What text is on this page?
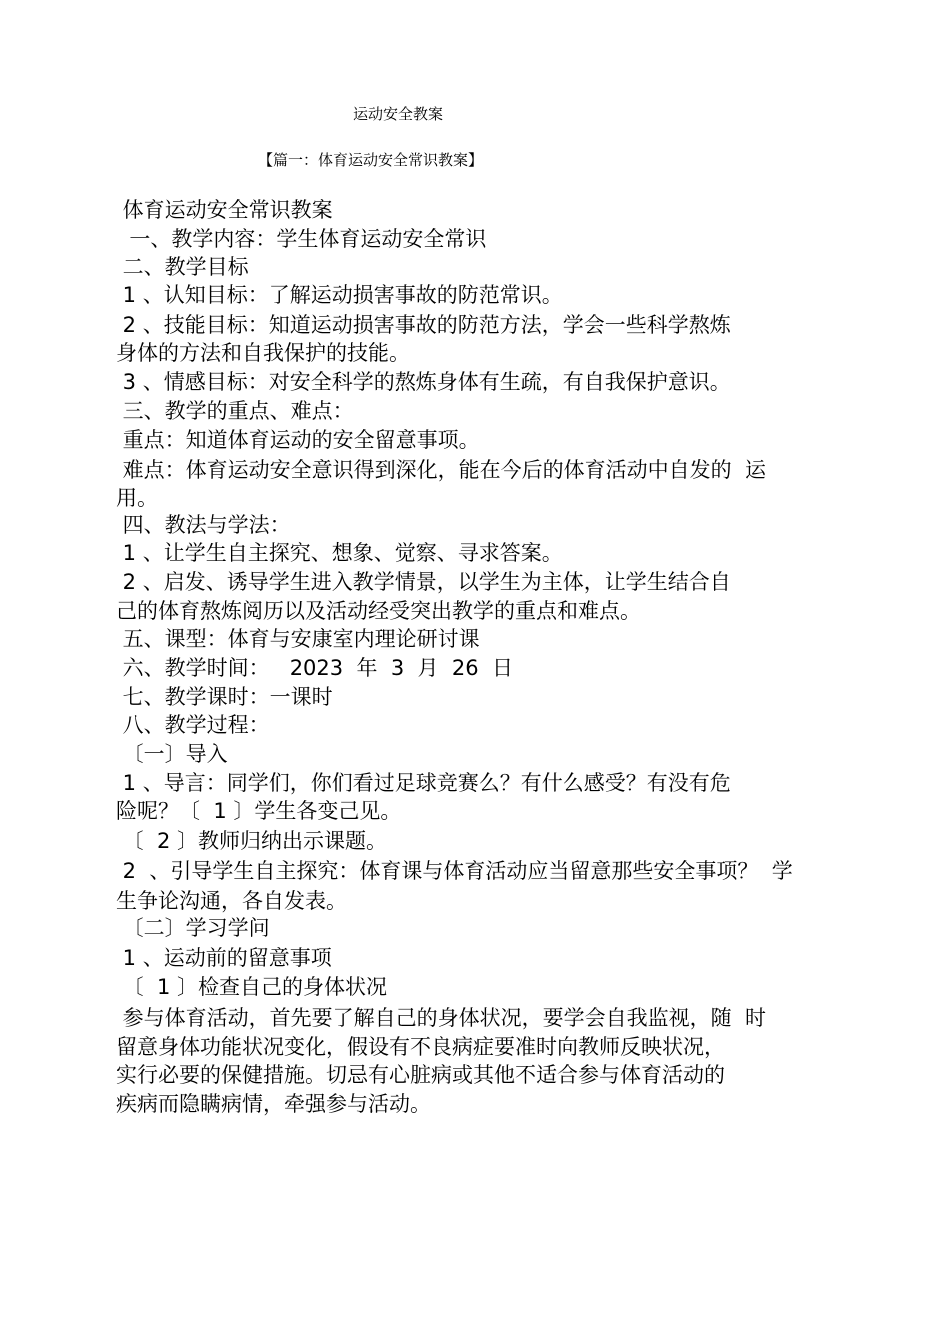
运动安全教案
【篇一：体育运动安全常识教案】
体育运动安全常识教案
一、教学内容：学生体育运动安全常识
二、教学目标
1 、认知目标：了解运动损害事故的防范常识。
2 、技能目标：知道运动损害事故的防范方法，学会一些科学熬炼
身体的方法和自我保护的技能。
3 、情感目标：对安全科学的熬炼身体有生疏，有自我保护意识。
三、教学的重点、难点：
重点：知道体育运动的安全留意事项。
难点：体育运动安全意识得到深化，能在今后的体育活动中自发的  运
用。
四、教法与学法：
1 、让学生自主探究、想象、觉察、寻求答案。
2 、启发、诱导学生进入教学情景，以学生为主体，让学生结合自
己的体育熬炼阅历以及活动经受突出教学的重点和难点。
五、课型：体育与安康室内理论研讨课
六、教学时间：   2023  年  3  月  26  日
七、教学课时：一课时
八、教学过程：
〔一〕导入
1 、导言：同学们，你们看过足球竞赛么？有什么感受？有没有危
险呢？〔  1 〕学生各变己见。
〔  2 〕教师归纳出示课题。
2  、引导学生自主探究：体育课与体育活动应当留意那些安全事项？  学
生争论沟通，各自发表。
〔二〕学习学问
1 、运动前的留意事项
〔  1 〕检查自己的身体状况
参与体育活动，首先要了解自己的身体状况，要学会自我监视，随  时
留意身体功能状况变化，假设有不良病症要准时向教师反映状况，
实行必要的保健措施。切忌有心脏病或其他不适合参与体育活动的
疾病而隐瞒病情，牵强参与活动。
